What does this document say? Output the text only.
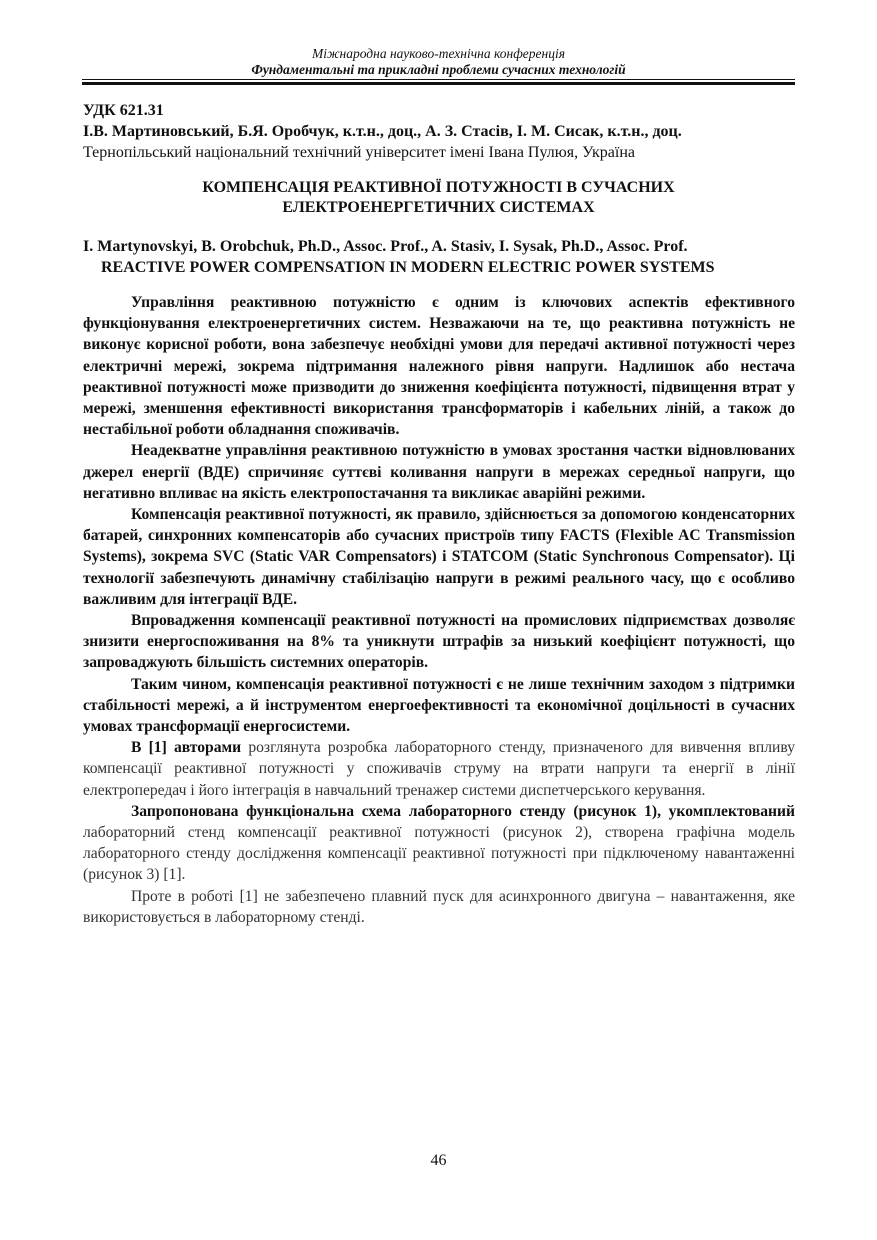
Міжнародна науково-технічна конференція
Фундаментальні та прикладні проблеми сучасних технологій
УДК 621.31
І.В. Мартиновський, Б.Я. Оробчук, к.т.н., доц., А. З. Стасів, І. М. Сисак, к.т.н., доц.
Тернопільський національний технічний університет імені Івана Пулюя, Україна
КОМПЕНСАЦІЯ РЕАКТИВНОЇ ПОТУЖНОСТІ В СУЧАСНИХ
ЕЛЕКТРОЕНЕРГЕТИЧНИХ СИСТЕМАХ
I. Martynovskyi, B. Orobchuk, Ph.D., Assoc. Prof., A. Stasiv, I. Sysak, Ph.D., Assoc. Prof.
REACTIVE POWER COMPENSATION IN MODERN ELECTRIC POWER SYSTEMS

Управління реактивною потужністю є одним із ключових аспектів ефективного функціонування електроенергетичних систем. Незважаючи на те, що реактивна потужність не виконує корисної роботи, вона забезпечує необхідні умови для передачі активної потужності через електричні мережі, зокрема підтримання належного рівня напруги. Надлишок або нестача реактивної потужності може призводити до зниження коефіцієнта потужності, підвищення втрат у мережі, зменшення ефективності використання трансформаторів і кабельних ліній, а також до нестабільної роботи обладнання споживачів.

Неадекватне управління реактивною потужністю в умовах зростання частки відновлюваних джерел енергії (ВДЕ) спричиняє суттєві коливання напруги в мережах середньої напруги, що негативно впливає на якість електропостачання та викликає аварійні режими.

Компенсація реактивної потужності, як правило, здійснюється за допомогою конденсаторних батарей, синхронних компенсаторів або сучасних пристроїв типу FACTS (Flexible AC Transmission Systems), зокрема SVC (Static VAR Compensators) і STATCOM (Static Synchronous Compensator). Ці технології забезпечують динамічну стабілізацію напруги в режимі реального часу, що є особливо важливим для інтеграції ВДЕ.

Впровадження компенсації реактивної потужності на промислових підприємствах дозволяє знизити енергоспоживання на 8% та уникнути штрафів за низький коефіцієнт потужності, що запроваджують більшість системних операторів.

Таким чином, компенсація реактивної потужності є не лише технічним заходом з підтримки стабільності мережі, а й інструментом енергоефективності та економічної доцільності в сучасних умовах трансформації енергосистеми.

В [1] авторами розглянута розробка лабораторного стенду, призначеного для вивчення впливу компенсації реактивної потужності у споживачів струму на втрати напруги та енергії в лінії електропередач і його інтеграція в навчальний тренажер системи диспетчерського керування.

Запропонована функціональна схема лабораторного стенду (рисунок 1), укомплектований лабораторний стенд компенсації реактивної потужності (рисунок 2), створена графічна модель лабораторного стенду дослідження компенсації реактивної потужності при підключеному навантаженні (рисунок 3) [1].

Проте в роботі [1] не забезпечено плавний пуск для асинхронного двигуна – навантаження, яке використовується в лабораторному стенді.

46
